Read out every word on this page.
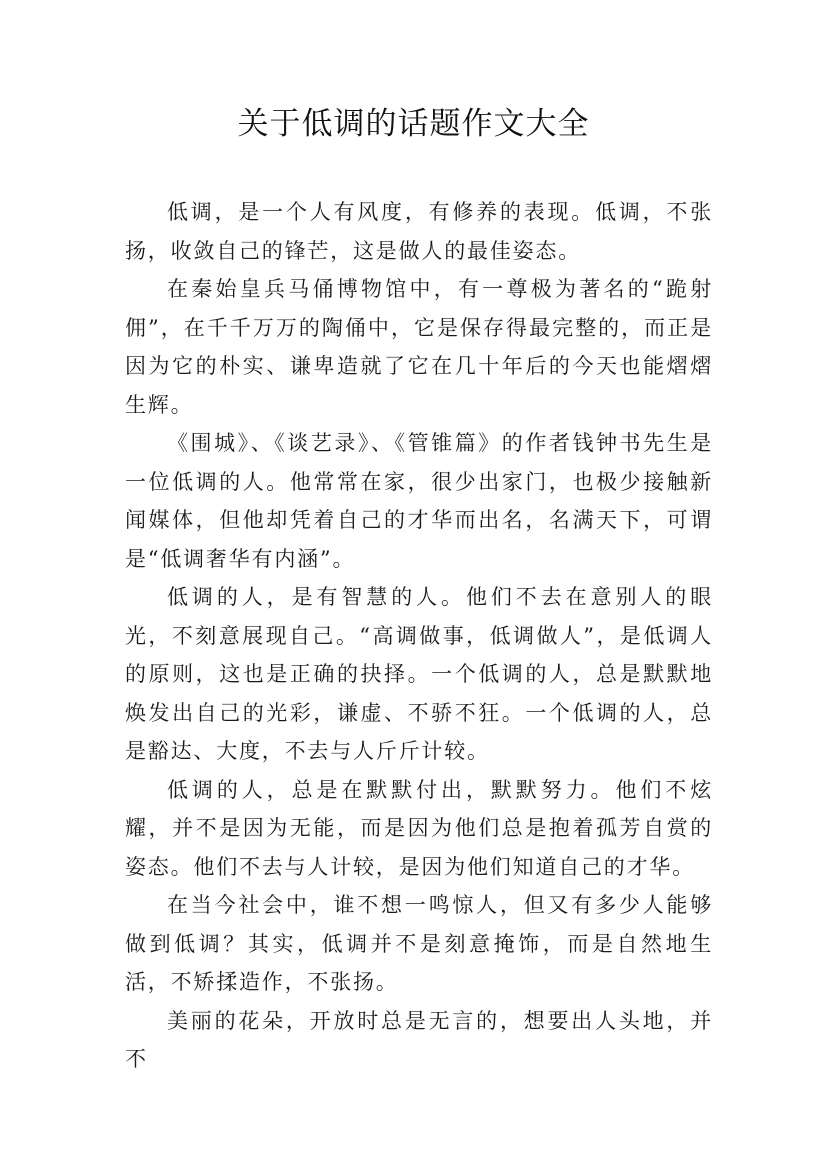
关于低调的话题作文大全

低调，是一个人有风度，有修养的表现。低调，不张扬，收敛自己的锋芒，这是做人的最佳姿态。

在秦始皇兵马俑博物馆中，有一尊极为著名的“跪射佣”，在千千万万的陶俑中，它是保存得最完整的，而正是因为它的朴实、谦卑造就了它在几十年后的今天也能熠熠生辉。

《围城》、《谈艺录》、《管锥篇》的作者钱钟书先生是一位低调的人。他常常在家，很少出家门，也极少接触新闻媒体，但他却凭着自己的才华而出名，名满天下，可谓是“低调奢华有内涵”。

低调的人，是有智慧的人。他们不去在意别人的眼光，不刻意展现自己。“高调做事，低调做人”，是低调人的原则，这也是正确的抉择。一个低调的人，总是默默地焕发出自己的光彩，谦虚、不骄不狂。一个低调的人，总是豁达、大度，不去与人斤斤计较。

低调的人，总是在默默付出，默默努力。他们不炫耀，并不是因为无能，而是因为他们总是抱着孤芳自赏的姿态。他们不去与人计较，是因为他们知道自己的才华。

在当今社会中，谁不想一鸣惊人，但又有多少人能够做到低调？其实，低调并不是刻意掩饰，而是自然地生活，不矫揉造作，不张扬。

美丽的花朵，开放时总是无言的，想要出人头地，并不
